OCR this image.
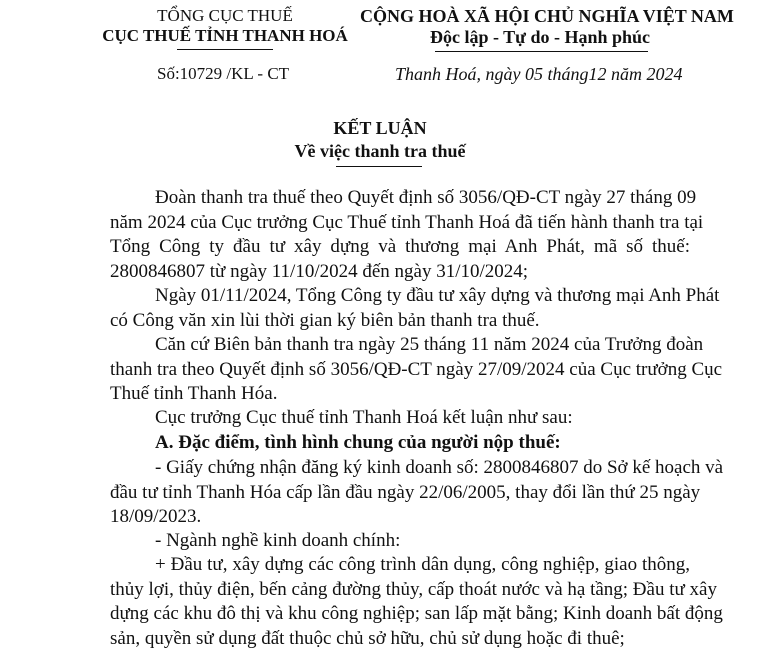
TỔNG CỤC THUẾ
CỤC THUẾ TỈNH THANH HOÁ
CỘNG HOÀ XÃ HỘI CHỦ NGHĨA VIỆT NAM
Độc lập - Tự do - Hạnh phúc
Số:10729 /KL - CT	Thanh Hoá, ngày 05 tháng12 năm 2024
KẾT LUẬN
Về việc thanh tra thuế
Đoàn thanh tra thuế theo Quyết định số 3056/QĐ-CT ngày 27 tháng 09
năm 2024 của Cục trưởng Cục Thuế tỉnh Thanh Hoá đã tiến hành thanh tra tại
Tổng Công ty đầu tư xây dựng và thương mại Anh Phát, mã số thuế:
2800846807 từ ngày 11/10/2024 đến ngày 31/10/2024;
Ngày 01/11/2024, Tổng Công ty đầu tư xây dựng và thương mại Anh Phát
có Công văn xin lùi thời gian ký biên bản thanh tra thuế.
Căn cứ Biên bản thanh tra ngày 25 tháng 11 năm 2024 của Trưởng đoàn
thanh tra theo Quyết định số 3056/QĐ-CT ngày 27/09/2024 của Cục trưởng Cục
Thuế tỉnh Thanh Hóa.
Cục trưởng Cục thuế tỉnh Thanh Hoá kết luận như sau:
A. Đặc điểm, tình hình chung của người nộp thuế:
- Giấy chứng nhận đăng ký kinh doanh số: 2800846807 do Sở kế hoạch và
đầu tư tỉnh Thanh Hóa cấp lần đầu ngày 22/06/2005, thay đổi lần thứ 25 ngày
18/09/2023.
- Ngành nghề kinh doanh chính:
+ Đầu tư, xây dựng các công trình dân dụng, công nghiệp, giao thông,
thủy lợi, thủy điện, bến cảng đường thủy, cấp thoát nước và hạ tầng; Đầu tư xây
dựng các khu đô thị và khu công nghiệp; san lấp mặt bằng; Kinh doanh bất động
sản, quyền sử dụng đất thuộc chủ sở hữu, chủ sử dụng hoặc đi thuê;
